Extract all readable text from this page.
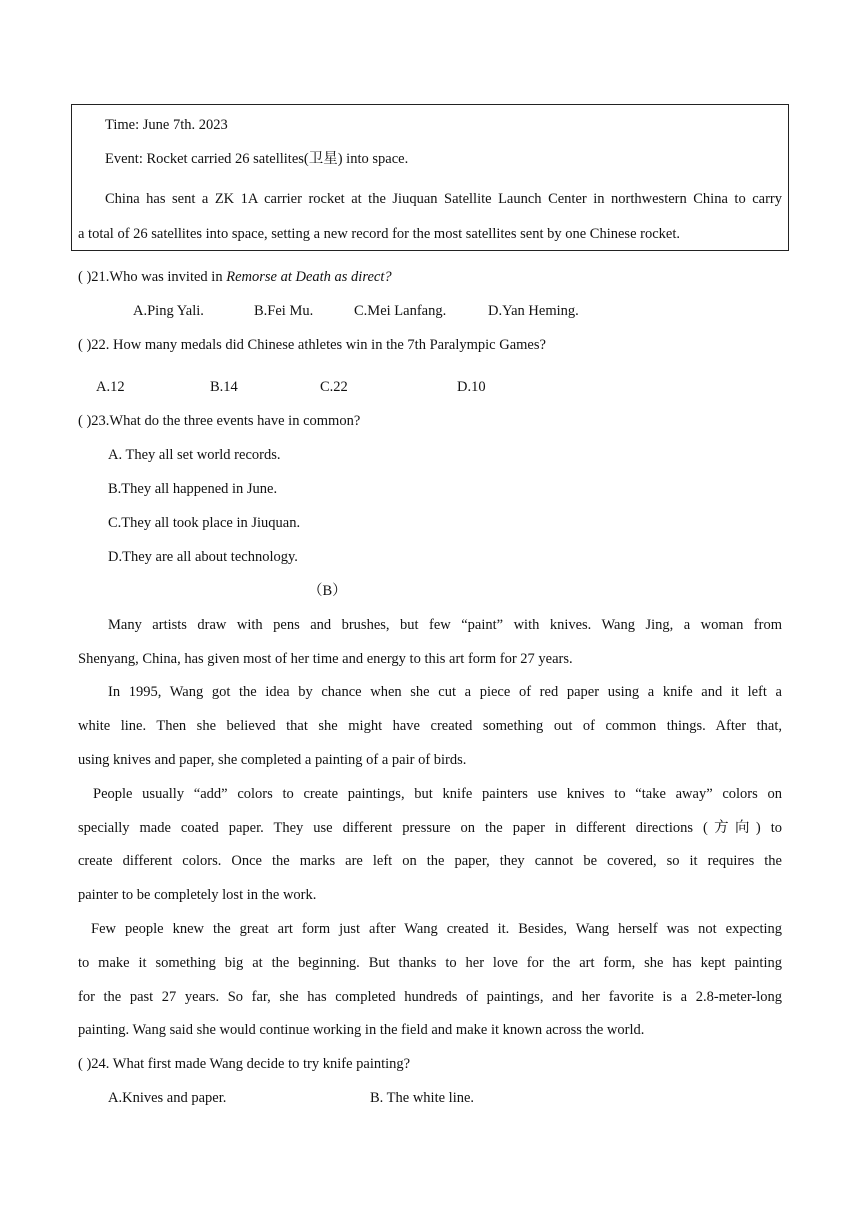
Time: June 7th. 2023
Event: Rocket carried 26 satellites(卫星) into space.
China has sent a ZK 1A carrier rocket at the Jiuquan Satellite Launch Center in northwestern China to carry
a total of 26 satellites into space, setting a new record for the most satellites sent by one Chinese rocket.
( )21.Who was invited in Remorse at Death as direct?
A.Ping Yali.	B.Fei Mu.	C.Mei Lanfang.	D.Yan Heming.
( )22. How many medals did Chinese athletes win in the 7th Paralympic Games?
A.12	B.14	C.22	D.10
( )23.What do the three events have in common?
A. They all set world records.
B.They all happened in June.
C.They all took place in Jiuquan.
D.They are all about technology.
（B）
Many artists draw with pens and brushes, but few “paint” with knives. Wang Jing, a woman from
Shenyang, China, has given most of her time and energy to this art form for 27 years.
In 1995, Wang got the idea by chance when she cut a piece of red paper using a knife and it left a
white line. Then she believed that she might have created something out of common things. After that,
using knives and paper, she completed a painting of a pair of birds.
People usually “add” colors to create paintings, but knife painters use knives to “take away” colors on
specially made coated paper. They use different pressure on the paper in different directions (方向) to
create different colors. Once the marks are left on the paper, they cannot be covered, so it requires the
painter to be completely lost in the work.
Few people knew the great art form just after Wang created it. Besides, Wang herself was not expecting
to make it something big at the beginning. But thanks to her love for the art form, she has kept painting
for the past 27 years. So far, she has completed hundreds of paintings, and her favorite is a 2.8-meter-long
painting. Wang said she would continue working in the field and make it known across the world.
( )24. What first made Wang decide to try knife painting?
A.Knives and paper.	B. The white line.
